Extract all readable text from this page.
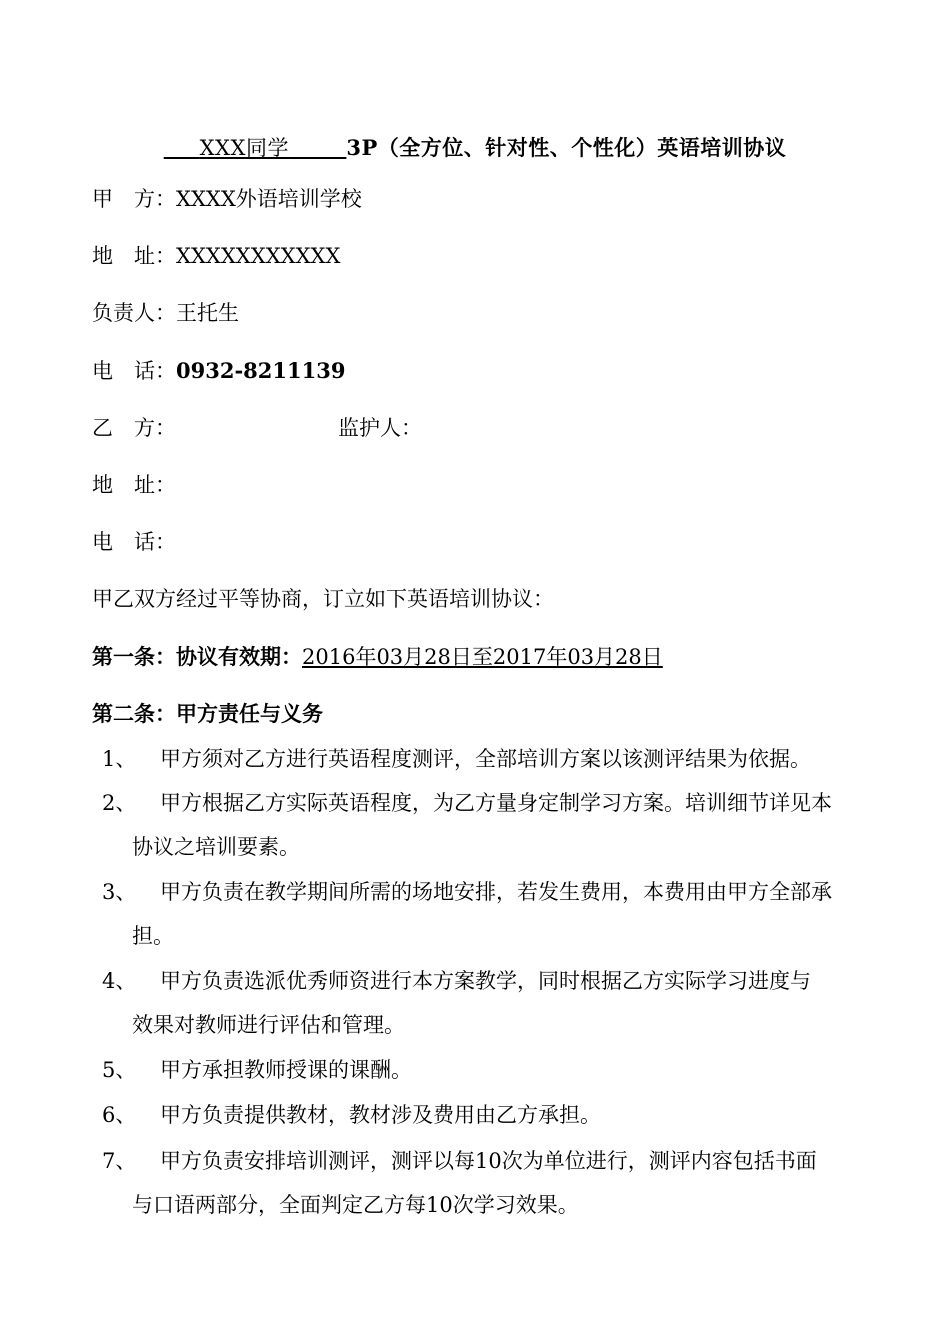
XXX同学	3P（全方位、针对性、个性化）英语培训协议
甲　方：XXXX外语培训学校
地　址：XXXXXXXXXXX
负责人：王托生
电　话：0932-8211139
乙　方：	监护人：
地　址：
电　话：
甲乙双方经过平等协商，订立如下英语培训协议：
第一条：协议有效期：2016年03月28日至2017年03月28日
第二条：甲方责任与义务
1、 甲方须对乙方进行英语程度测评，全部培训方案以该测评结果为依据。
2、 甲方根据乙方实际英语程度，为乙方量身定制学习方案。培训细节详见本
协议之培训要素。
3、 甲方负责在教学期间所需的场地安排，若发生费用，本费用由甲方全部承
担。
4、 甲方负责选派优秀师资进行本方案教学，同时根据乙方实际学习进度与
效果对教师进行评估和管理。
5、 甲方承担教师授课的课酬。
6、 甲方负责提供教材，教材涉及费用由乙方承担。
7、 甲方负责安排培训测评，测评以每10次为单位进行，测评内容包括书面
与口语两部分，全面判定乙方每10次学习效果。
